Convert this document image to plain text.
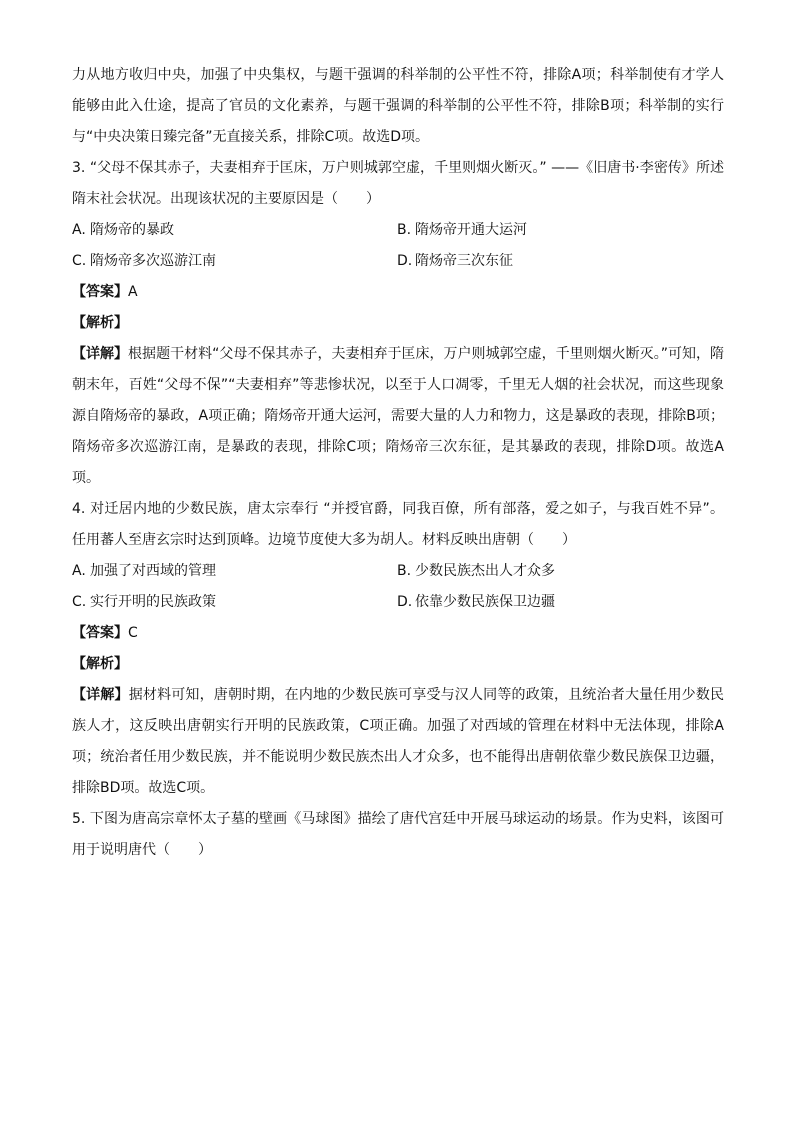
力从地方收归中央，加强了中央集权，与题干强调的科举制的公平性不符，排除A项；科举制使有才学人能够由此入仕途，提高了官员的文化素养，与题干强调的科举制的公平性不符，排除B项；科举制的实行与“中央决策日臻完备”无直接关系，排除C项。故选D项。

3. “父母不保其赤子，夫妻相弃于匡床，万户则城郭空虚，千里则烟火断灭。” ——《旧唐书·李密传》所述隋末社会状况。出现该状况的主要原因是（　　）

A. 隋炀帝的暴政	B. 隋炀帝开通大运河
C. 隋炀帝多次巡游江南	D. 隋炀帝三次东征

【答案】A

【解析】

【详解】根据题干材料“父母不保其赤子，夫妻相弃于匡床，万户则城郭空虚，千里则烟火断灭。”可知，隋朝末年，百姓“父母不保”“夫妻相弃”等悲惨状况，以至于人口凋零，千里无人烟的社会状况，而这些现象源自隋炀帝的暴政，A项正确；隋炀帝开通大运河，需要大量的人力和物力，这是暴政的表现，排除B项；隋炀帝多次巡游江南，是暴政的表现，排除C项；隋炀帝三次东征，是其暴政的表现，排除D项。故选A项。

4. 对迁居内地的少数民族，唐太宗奉行 “并授官爵，同我百僚，所有部落，爱之如子，与我百姓不异”。任用蕃人至唐玄宗时达到顶峰。边境节度使大多为胡人。材料反映出唐朝（　　）

A. 加强了对西域的管理	B. 少数民族杰出人才众多
C. 实行开明的民族政策	D. 依靠少数民族保卫边疆

【答案】C

【解析】

【详解】据材料可知，唐朝时期，在内地的少数民族可享受与汉人同等的政策，且统治者大量任用少数民族人才，这反映出唐朝实行开明的民族政策，C项正确。加强了对西域的管理在材料中无法体现，排除A项；统治者任用少数民族，并不能说明少数民族杰出人才众多，也不能得出唐朝依靠少数民族保卫边疆，排除BD项。故选C项。

5. 下图为唐高宗章怀太子墓的壁画《马球图》描绘了唐代宫廷中开展马球运动的场景。作为史料，该图可用于说明唐代（　　）
